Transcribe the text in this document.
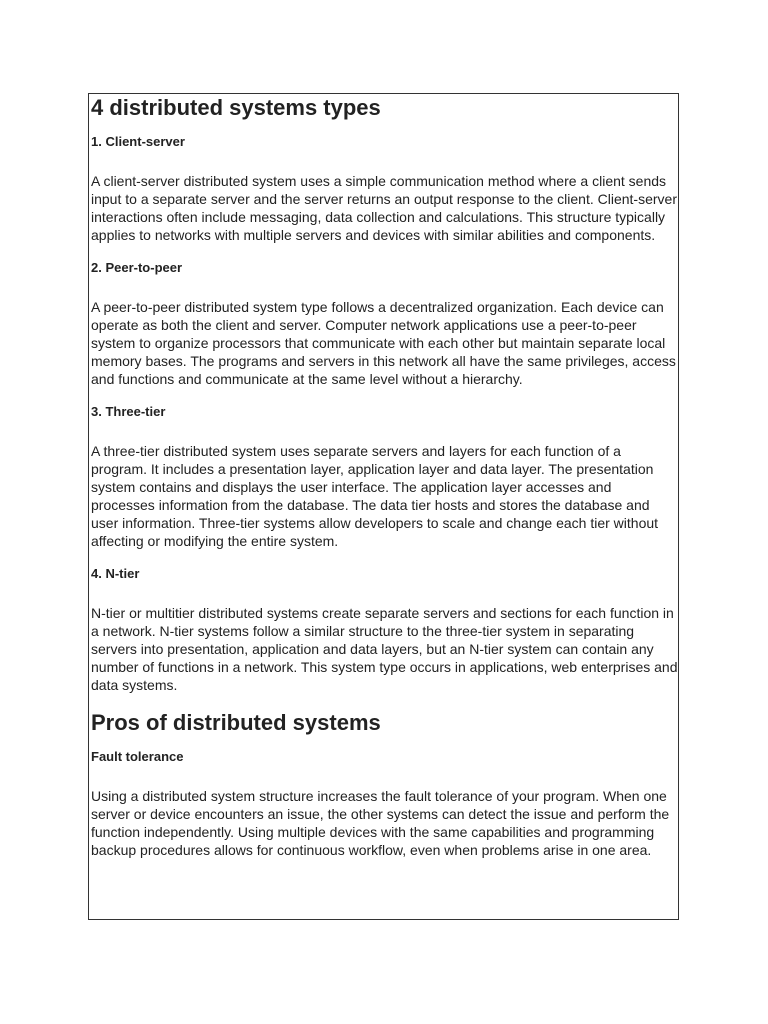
4 distributed systems types
1. Client-server

A client-server distributed system uses a simple communication method where a client sends input to a separate server and the server returns an output response to the client. Client-server interactions often include messaging, data collection and calculations. This structure typically applies to networks with multiple servers and devices with similar abilities and components.

2. Peer-to-peer

A peer-to-peer distributed system type follows a decentralized organization. Each device can operate as both the client and server. Computer network applications use a peer-to-peer system to organize processors that communicate with each other but maintain separate local memory bases. The programs and servers in this network all have the same privileges, access and functions and communicate at the same level without a hierarchy.

3. Three-tier

A three-tier distributed system uses separate servers and layers for each function of a program. It includes a presentation layer, application layer and data layer. The presentation system contains and displays the user interface. The application layer accesses and processes information from the database. The data tier hosts and stores the database and user information. Three-tier systems allow developers to scale and change each tier without affecting or modifying the entire system.

4. N-tier

N-tier or multitier distributed systems create separate servers and sections for each function in a network. N-tier systems follow a similar structure to the three-tier system in separating servers into presentation, application and data layers, but an N-tier system can contain any number of functions in a network. This system type occurs in applications, web enterprises and data systems.

Pros of distributed systems
Fault tolerance

Using a distributed system structure increases the fault tolerance of your program. When one server or device encounters an issue, the other systems can detect the issue and perform the function independently. Using multiple devices with the same capabilities and programming backup procedures allows for continuous workflow, even when problems arise in one area.
